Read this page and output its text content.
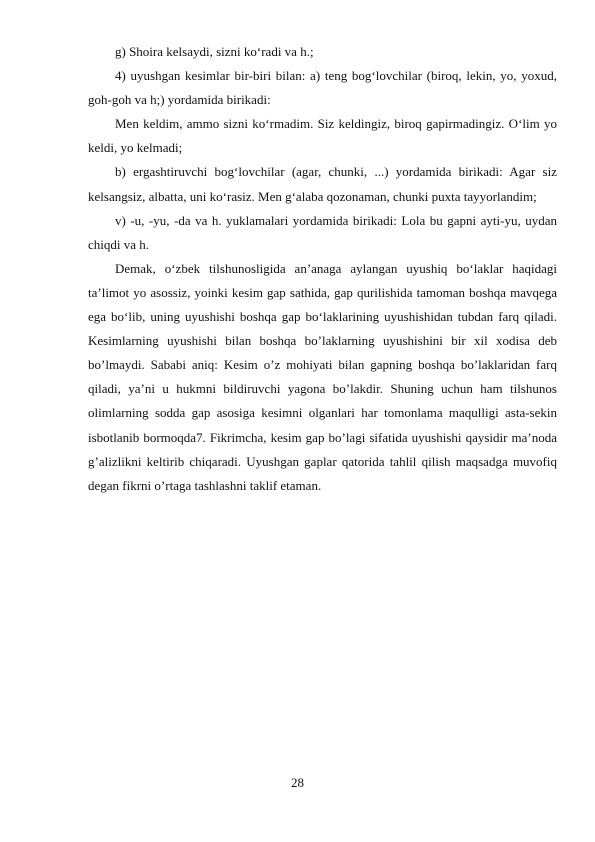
g) Shoira kelsaydi, sizni ko‘radi va h.;

4) uyushgan kesimlar bir-biri bilan: a) teng bog‘lovchilar (biroq, lekin, yo, yoxud, goh-goh va h;) yordamida birikadi:

Men keldim, ammo sizni ko‘rmadim. Siz keldingiz, biroq gapirmadingiz. O‘lim yo keldi, yo kelmadi;

b) ergashtiruvchi bog‘lovchilar (agar, chunki, ...) yordamida birikadi: Agar siz kelsangsiz, albatta, uni ko‘rasiz. Men g‘alaba qozonaman, chunki puxta tayyorlandim;

v) -u, -yu, -da va h. yuklamalari yordamida birikadi: Lola bu gapni ayti-yu, uydan chiqdi va h.

Demak, o‘zbek tilshunosligida an’anaga aylangan uyushiq bo‘laklar haqidagi ta’limot yo asossiz, yoinki kesim gap sathida, gap qurilishida tamoman boshqa mavqega ega bo‘lib, uning uyushishi boshqa gap bo‘laklarining uyushishidan tubdan farq qiladi. Kesimlarning uyushishi bilan boshqa bo’laklarning uyushishini bir xil xodisa deb bo’lmaydi. Sababi aniq: Kesim o’z mohiyati bilan gapning boshqa bo’laklaridan farq qiladi, ya’ni u hukmni bildiruvchi yagona bo’lakdir. Shuning uchun ham tilshunos olimlarning sodda gap asosiga kesimni olganlari har tomonlama maqulligi asta-sekin isbotlanib bormoqda7. Fikrimcha, kesim gap bo’lagi sifatida uyushishi qaysidir ma’noda g’alizlikni keltirib chiqaradi. Uyushgan gaplar qatorida tahlil qilish maqsadga muvofiq degan fikrni o’rtaga tashlashni taklif etaman.

28
